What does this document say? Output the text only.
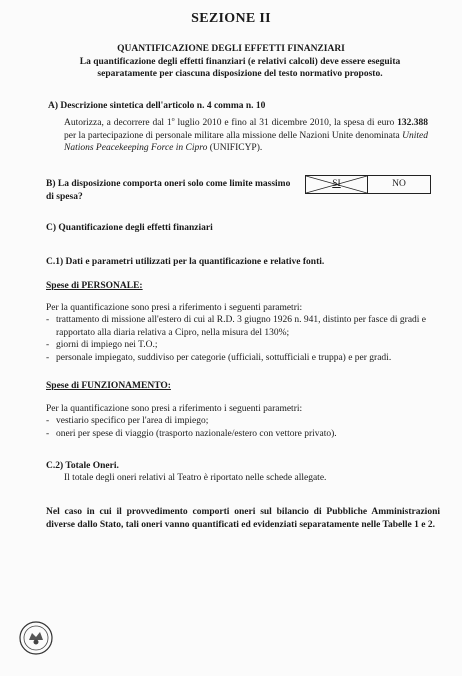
SEZIONE II
QUANTIFICAZIONE DEGLI EFFETTI FINANZIARI
La quantificazione degli effetti finanziari (e relativi calcoli) deve essere eseguita separatamente per ciascuna disposizione del testo normativo proposto.
A) Descrizione sintetica dell'articolo n. 4 comma n. 10
Autorizza, a decorrere dal 1$^o$ luglio 2010 e fino al 31 dicembre 2010, la spesa di euro 132.388 per la partecipazione di personale militare alla missione delle Nazioni Unite denominata United Nations Peacekeeping Force in Cipro (UNIFICYP).
B) La disposizione comporta oneri solo come limite massimo di spesa?
SI	NO
C) Quantificazione degli effetti finanziari
C.1) Dati e parametri utilizzati per la quantificazione e relative fonti.
Spese di PERSONALE:
Per la quantificazione sono presi a riferimento i seguenti parametri:
- trattamento di missione all'estero di cui al R.D. 3 giugno 1926 n. 941, distinto per fasce di gradi e rapportato alla diaria relativa a Cipro, nella misura del 130%;
- giorni di impiego nei T.O.;
- personale impiegato, suddiviso per categorie (ufficiali, sottufficiali e truppa) e per gradi.
Spese di FUNZIONAMENTO:
Per la quantificazione sono presi a riferimento i seguenti parametri:
- vestiario specifico per l'area di impiego;
- oneri per spese di viaggio (trasporto nazionale/estero con vettore privato).
C.2) Totale Oneri.
Il totale degli oneri relativi al Teatro è riportato nelle schede allegate.
Nel caso in cui il provvedimento comporti oneri sul bilancio di Pubbliche Amministrazioni diverse dallo Stato, tali oneri vanno quantificati ed evidenziati separatamente nelle Tabelle 1 e 2.
